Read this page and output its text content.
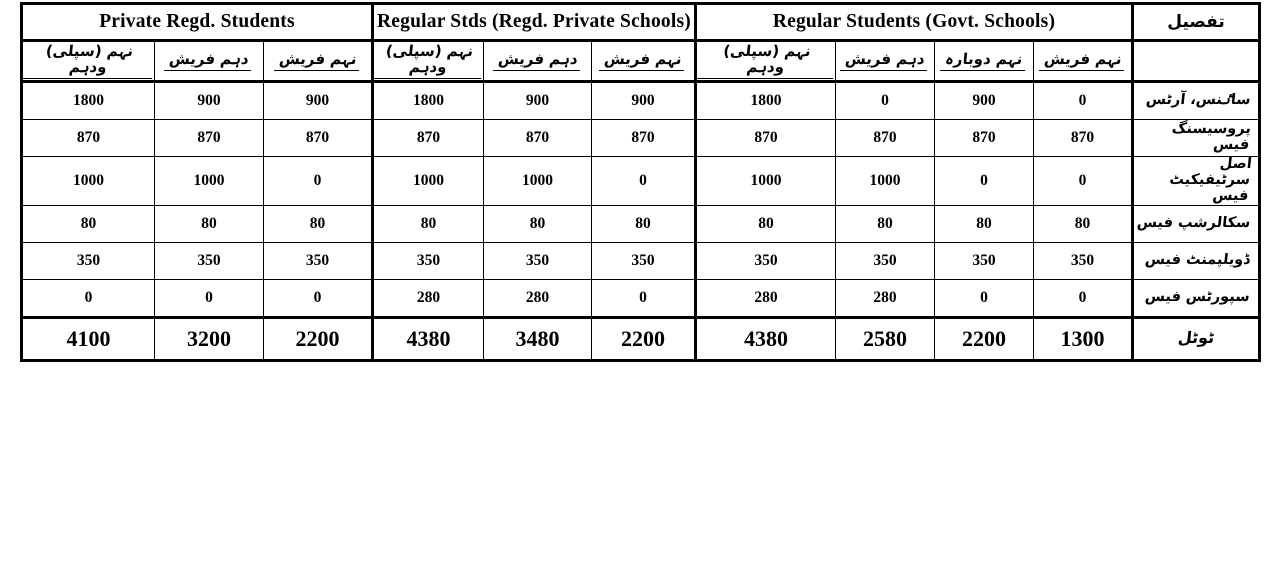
Private Regd. Students			Regular Stds (Regd. Private Schools)			Regular Students (Govt. Schools)				تفصیل
نہم (سپلی) ودہم	دہم فریش	نہم فریش	نہم (سپلی) ودہم	دہم فریش	نہم فریش	نہم (سپلی) ودہم	دہم فریش	نہم دوبارہ	نہم فریش	
1800	900	900	1800	900	900	1800	0	900	0	ساٸنس، آرٹس
870	870	870	870	870	870	870	870	870	870	پروسیسنگ فیس
1000	1000	0	1000	1000	0	1000	1000	0	0	اصل سرٹیفیکیٹ فیس
80	80	80	80	80	80	80	80	80	80	سکالرشپ فیس
350	350	350	350	350	350	350	350	350	350	ڈویلپمنٹ فیس
0	0	0	280	280	0	280	280	0	0	سپورٹس فیس
4100	3200	2200	4380	3480	2200	4380	2580	2200	1300	ٹوٹل
